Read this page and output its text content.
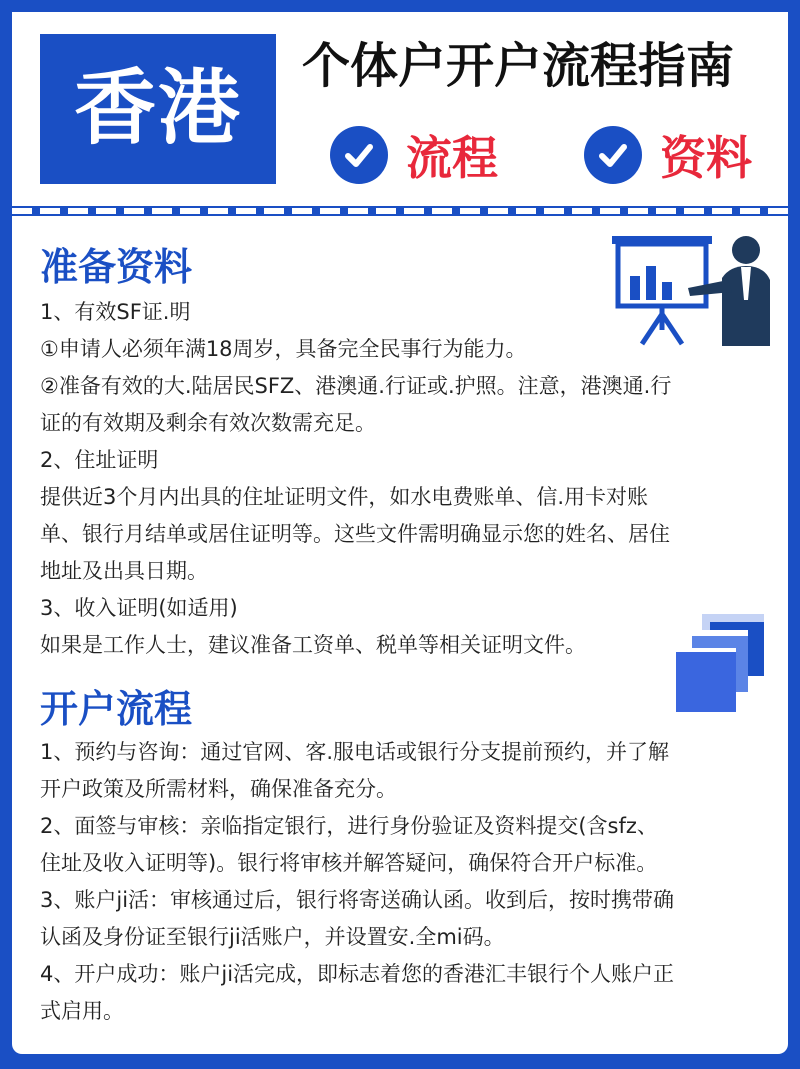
香港	个体户开户流程指南
流程	资料
准备资料
1、有效SF证.明
①申请人必须年满18周岁，具备完全民事行为能力。
②准备有效的大.陆居民SFZ、港澳通.行证或.护照。注意，港澳通.行
证的有效期及剩余有效次数需充足。
2、住址证明
提供近3个月内出具的住址证明文件，如水电费账单、信.用卡对账
单、银行月结单或居住证明等。这些文件需明确显示您的姓名、居住
地址及出具日期。
3、收入证明(如适用)
如果是工作人士，建议准备工资单、税单等相关证明文件。
开户流程
1、预约与咨询：通过官网、客.服电话或银行分支提前预约，并了解
开户政策及所需材料，确保准备充分。
2、面签与审核：亲临指定银行，进行身份验证及资料提交(含sfz、
住址及收入证明等)。银行将审核并解答疑问，确保符合开户标准。
3、账户ji活：审核通过后，银行将寄送确认函。收到后，按时携带确
认函及身份证至银行ji活账户，并设置安.全mi码。
4、开户成功：账户ji活完成，即标志着您的香港汇丰银行个人账户正
式启用。
